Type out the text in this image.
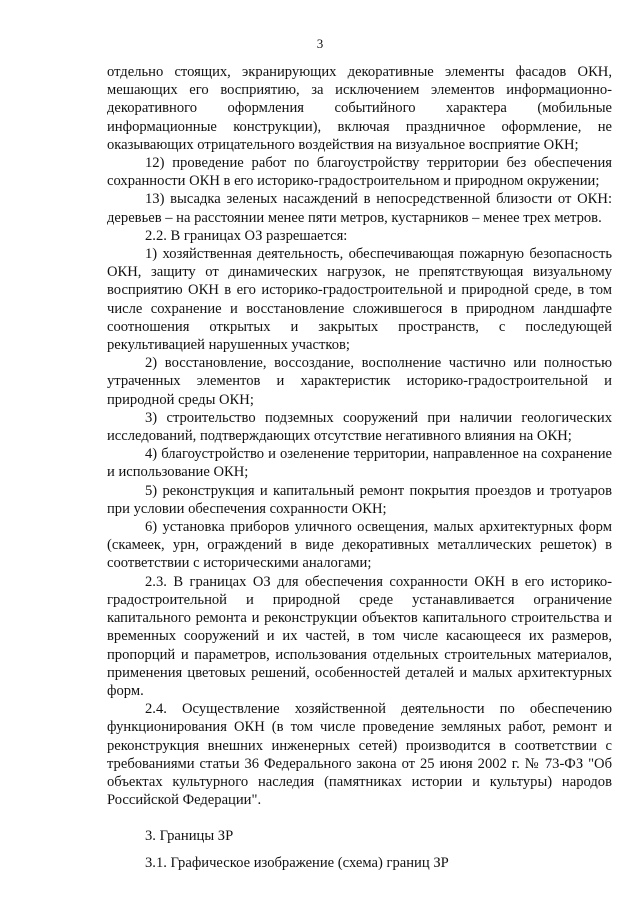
3

отдельно стоящих, экранирующих декоративные элементы фасадов ОКН, мешающих его восприятию, за исключением элементов информационно-декоративного оформления событийного характера (мобильные информационные конструкции), включая праздничное оформление, не оказывающих отрицательного воздействия на визуальное восприятие ОКН;

12) проведение работ по благоустройству территории без обеспечения сохранности ОКН в его историко-градостроительном и природном окружении;

13) высадка зеленых насаждений в непосредственной близости от ОКН: деревьев – на расстоянии менее пяти метров, кустарников – менее трех метров.

2.2. В границах ОЗ разрешается:

1) хозяйственная деятельность, обеспечивающая пожарную безопасность ОКН, защиту от динамических нагрузок, не препятствующая визуальному восприятию ОКН в его историко-градостроительной и природной среде, в том числе сохранение и восстановление сложившегося в природном ландшафте соотношения открытых и закрытых пространств, с последующей рекультивацией нарушенных участков;

2) восстановление, воссоздание, восполнение частично или полностью утраченных элементов и характеристик историко-градостроительной и природной среды ОКН;

3) строительство подземных сооружений при наличии геологических исследований, подтверждающих отсутствие негативного влияния на ОКН;

4) благоустройство и озеленение территории, направленное на сохранение и использование ОКН;

5) реконструкция и капитальный ремонт покрытия проездов и тротуаров при условии обеспечения сохранности ОКН;

6) установка приборов уличного освещения, малых архитектурных форм (скамеек, урн, ограждений в виде декоративных металлических решеток) в соответствии с историческими аналогами;

2.3. В границах ОЗ для обеспечения сохранности ОКН в его историко-градостроительной и природной среде устанавливается ограничение капитального ремонта и реконструкции объектов капитального строительства и временных сооружений и их частей, в том числе касающееся их размеров, пропорций и параметров, использования отдельных строительных материалов, применения цветовых решений, особенностей деталей и малых архитектурных форм.

2.4. Осуществление хозяйственной деятельности по обеспечению функционирования ОКН (в том числе проведение земляных работ, ремонт и реконструкция внешних инженерных сетей) производится в соответствии с требованиями статьи 36 Федерального закона от 25 июня 2002 г. № 73-ФЗ "Об объектах культурного наследия (памятниках истории и культуры) народов Российской Федерации".

3. Границы ЗР

3.1. Графическое изображение (схема) границ ЗР
